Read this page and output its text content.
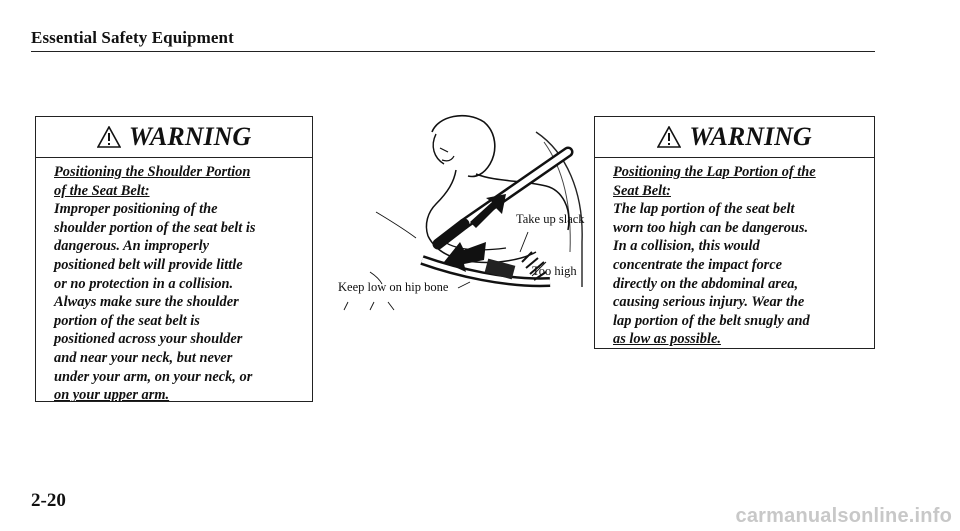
Essential Safety Equipment
WARNING
Positioning the Shoulder Portion
of the Seat Belt:
Improper positioning of the
shoulder portion of the seat belt is
dangerous. An improperly
positioned belt will provide little
or no protection in a collision.
Always make sure the shoulder
portion of the seat belt is
positioned across your shoulder
and near your neck, but never
under your arm, on your neck, or
on your upper arm.
Take up slack
Too high
Keep low on hip bone
WARNING
Positioning the Lap Portion of the
Seat Belt:
The lap portion of the seat belt
worn too high can be dangerous.
In a collision, this would
concentrate the impact force
directly on the abdominal area,
causing serious injury. Wear the
lap portion of the belt snugly and
as low as possible.
2-20
carmanualsonline.info
